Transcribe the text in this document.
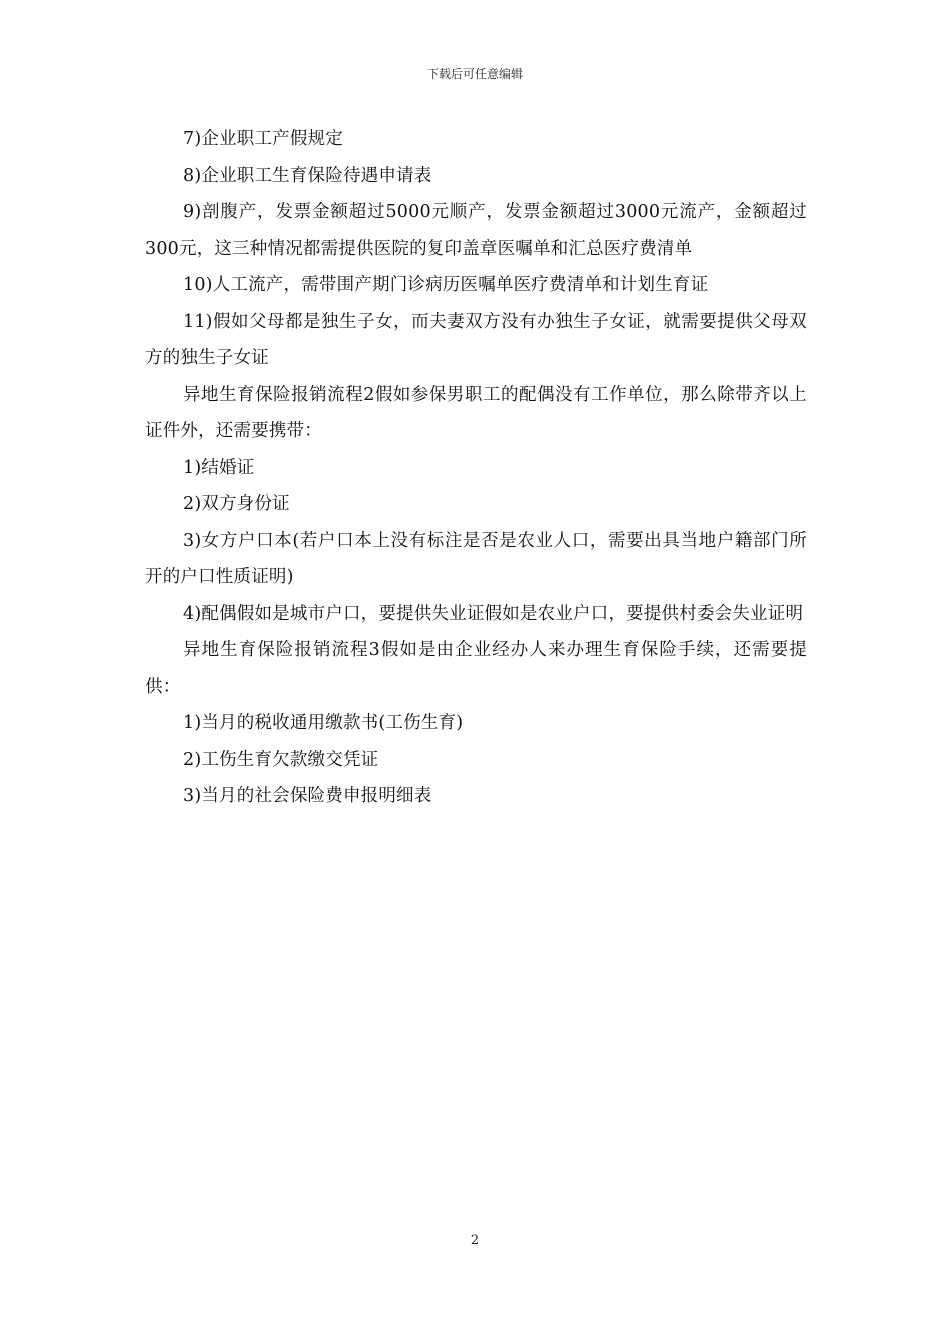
下载后可任意编辑

7)企业职工产假规定

8)企业职工生育保险待遇申请表

9)剖腹产，发票金额超过5000元顺产，发票金额超过3000元流产，金额超过300元，这三种情况都需提供医院的复印盖章医嘱单和汇总医疗费清单

10)人工流产，需带围产期门诊病历医嘱单医疗费清单和计划生育证

11)假如父母都是独生子女，而夫妻双方没有办独生子女证，就需要提供父母双方的独生子女证

异地生育保险报销流程2假如参保男职工的配偶没有工作单位，那么除带齐以上证件外，还需要携带：

1)结婚证

2)双方身份证

3)女方户口本(若户口本上没有标注是否是农业人口，需要出具当地户籍部门所开的户口性质证明)

4)配偶假如是城市户口，要提供失业证假如是农业户口，要提供村委会失业证明

异地生育保险报销流程3假如是由企业经办人来办理生育保险手续，还需要提供：

1)当月的税收通用缴款书(工伤生育)

2)工伤生育欠款缴交凭证

3)当月的社会保险费申报明细表

2
